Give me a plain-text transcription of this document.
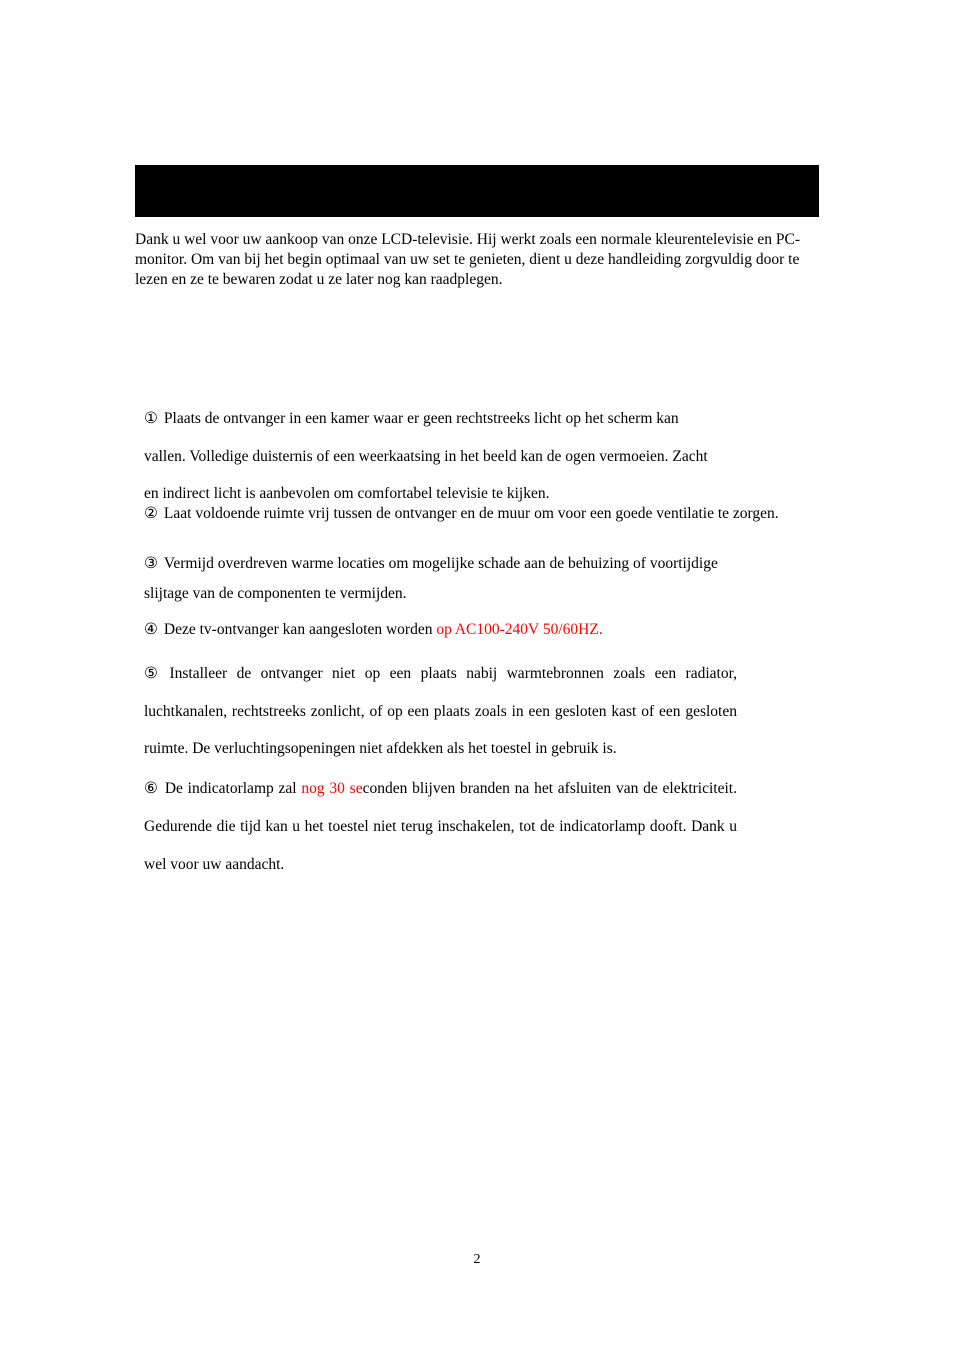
Dank u wel voor uw aankoop van onze LCD-televisie. Hij werkt zoals een normale kleurentelevisie en PC-monitor. Om van bij het begin optimaal van uw set te genieten, dient u deze handleiding zorgvuldig door te lezen en ze te bewaren zodat u ze later nog kan raadplegen.

① Plaats de ontvanger in een kamer waar er geen rechtstreeks licht op het scherm kan vallen. Volledige duisternis of een weerkaatsing in het beeld kan de ogen vermoeien. Zacht en indirect licht is aanbevolen om comfortabel televisie te kijken.

② Laat voldoende ruimte vrij tussen de ontvanger en de muur om voor een goede ventilatie te zorgen.

③ Vermijd overdreven warme locaties om mogelijke schade aan de behuizing of voortijdige slijtage van de componenten te vermijden.

④ Deze tv-ontvanger kan aangesloten worden op AC100-240V 50/60HZ.

⑤ Installeer de ontvanger niet op een plaats nabij warmtebronnen zoals een radiator, luchtkanalen, rechtstreeks zonlicht, of op een plaats zoals in een gesloten kast of een gesloten ruimte. De verluchtingsopeningen niet afdekken als het toestel in gebruik is.

⑥ De indicatorlamp zal nog 30 seconden blijven branden na het afsluiten van de elektriciteit. Gedurende die tijd kan u het toestel niet terug inschakelen, tot de indicatorlamp dooft. Dank u wel voor uw aandacht.

2
